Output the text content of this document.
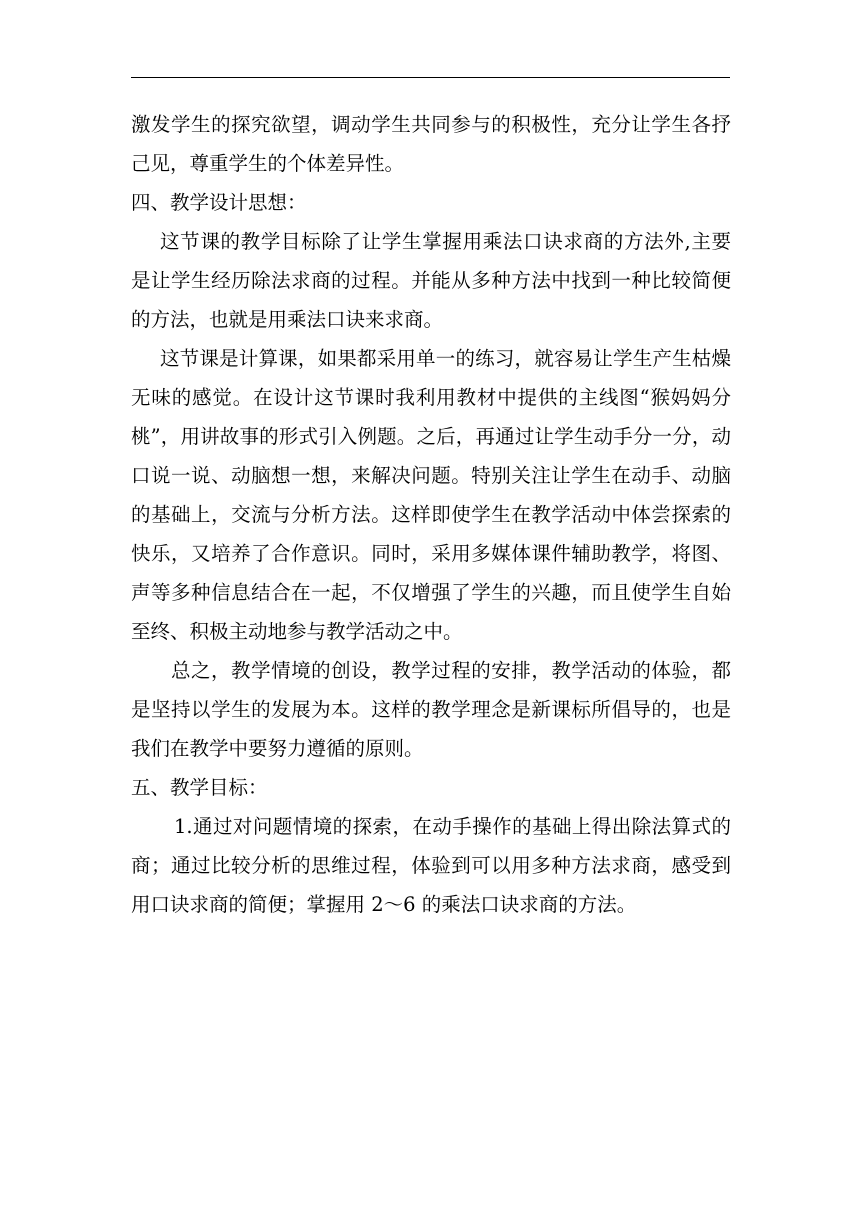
激发学生的探究欲望，调动学生共同参与的积极性，充分让学生各抒己见，尊重学生的个体差异性。

四、教学设计思想：

这节课的教学目标除了让学生掌握用乘法口诀求商的方法外,主要是让学生经历除法求商的过程。并能从多种方法中找到一种比较简便的方法，也就是用乘法口诀来求商。

这节课是计算课，如果都采用单一的练习，就容易让学生产生枯燥无味的感觉。在设计这节课时我利用教材中提供的主线图“猴妈妈分桃”，用讲故事的形式引入例题。之后，再通过让学生动手分一分，动口说一说、动脑想一想，来解决问题。特别关注让学生在动手、动脑的基础上，交流与分析方法。这样即使学生在教学活动中体尝探索的快乐，又培养了合作意识。同时，采用多媒体课件辅助教学，将图、声等多种信息结合在一起，不仅增强了学生的兴趣，而且使学生自始至终、积极主动地参与教学活动之中。

总之，教学情境的创设，教学过程的安排，教学活动的体验，都是坚持以学生的发展为本。这样的教学理念是新课标所倡导的，也是我们在教学中要努力遵循的原则。

五、教学目标：

1.通过对问题情境的探索，在动手操作的基础上得出除法算式的商；通过比较分析的思维过程，体验到可以用多种方法求商，感受到用口诀求商的简便；掌握用 2～6 的乘法口诀求商的方法。
